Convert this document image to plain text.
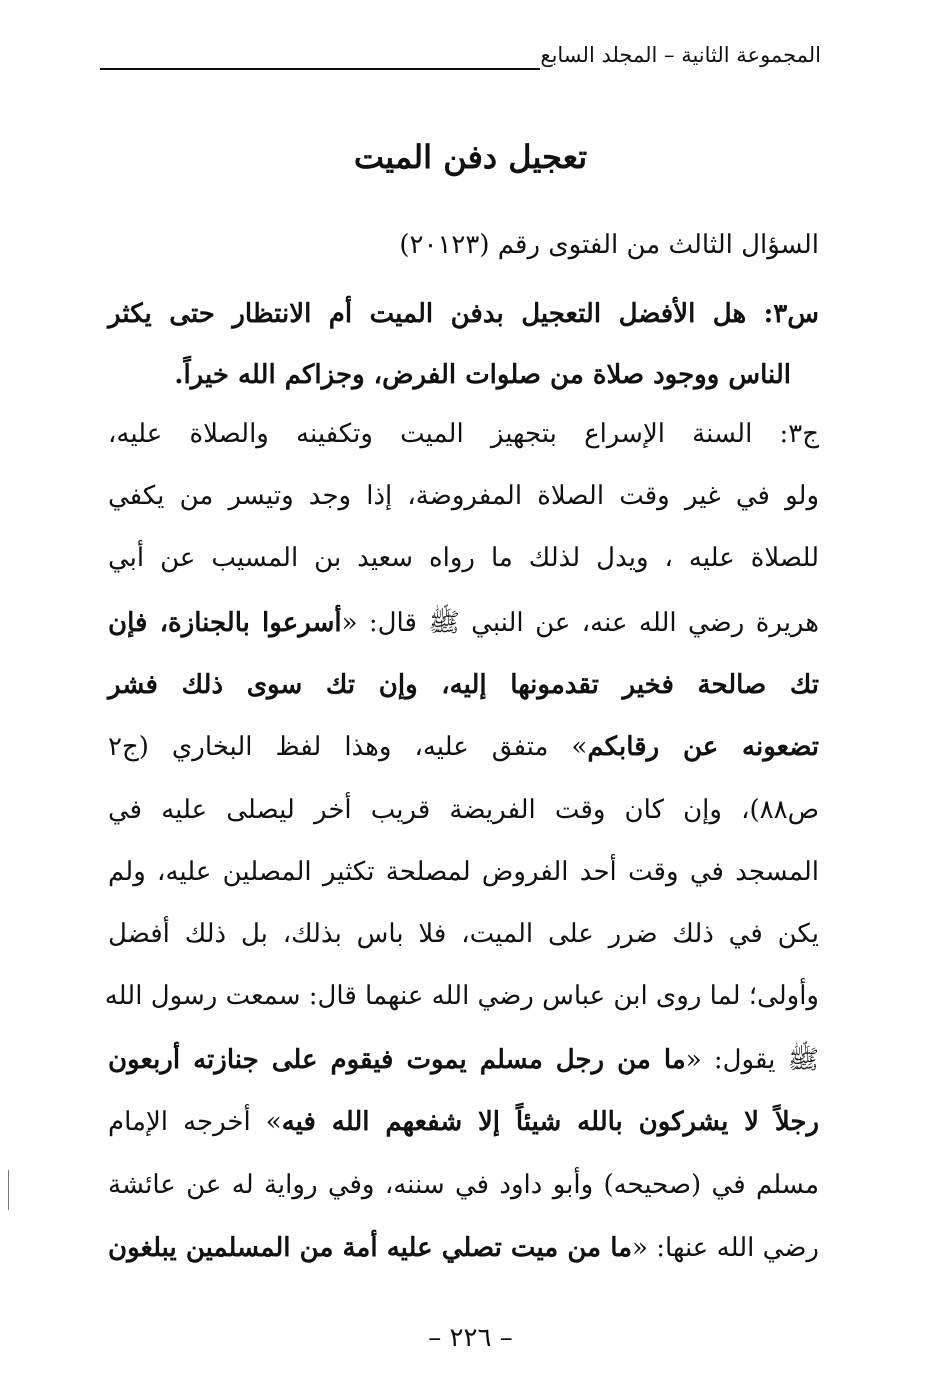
المجموعة الثانية – المجلد السابع
تعجيل دفن الميت
السؤال الثالث من الفتوى رقم (٢٠١٢٣)
س٣: هل الأفضل التعجيل بدفن الميت أم الانتظار حتى يكثر
الناس ووجود صلاة من صلوات الفرض، وجزاكم الله خيراً.
ج٣: السنة الإسراع بتجهيز الميت وتكفينه والصلاة عليه،
ولو في غير وقت الصلاة المفروضة، إذا وجد وتيسر من يكفي
للصلاة عليه ، ويدل لذلك ما رواه سعيد بن المسيب عن أبي
هريرة رضي الله عنه، عن النبي ﷺ قال: «أسرعوا بالجنازة، فإن
تك صالحة فخير تقدمونها إليه، وإن تك سوى ذلك فشر
تضعونه عن رقابكم» متفق عليه، وهذا لفظ البخاري (ج٢
ص٨٨)، وإن كان وقت الفريضة قريب أخر ليصلى عليه في
المسجد في وقت أحد الفروض لمصلحة تكثير المصلين عليه، ولم
يكن في ذلك ضرر على الميت، فلا باس بذلك، بل ذلك أفضل
وأولى؛ لما روى ابن عباس رضي الله عنهما قال: سمعت رسول الله
ﷺ يقول: «ما من رجل مسلم يموت فيقوم على جنازته أربعون
رجلاً لا يشركون بالله شيئاً إلا شفعهم الله فيه» أخرجه الإمام
مسلم في (صحيحه) وأبو داود في سننه، وفي رواية له عن عائشة
رضي الله عنها: «ما من ميت تصلي عليه أمة من المسلمين يبلغون
– ٢٢٦ –
